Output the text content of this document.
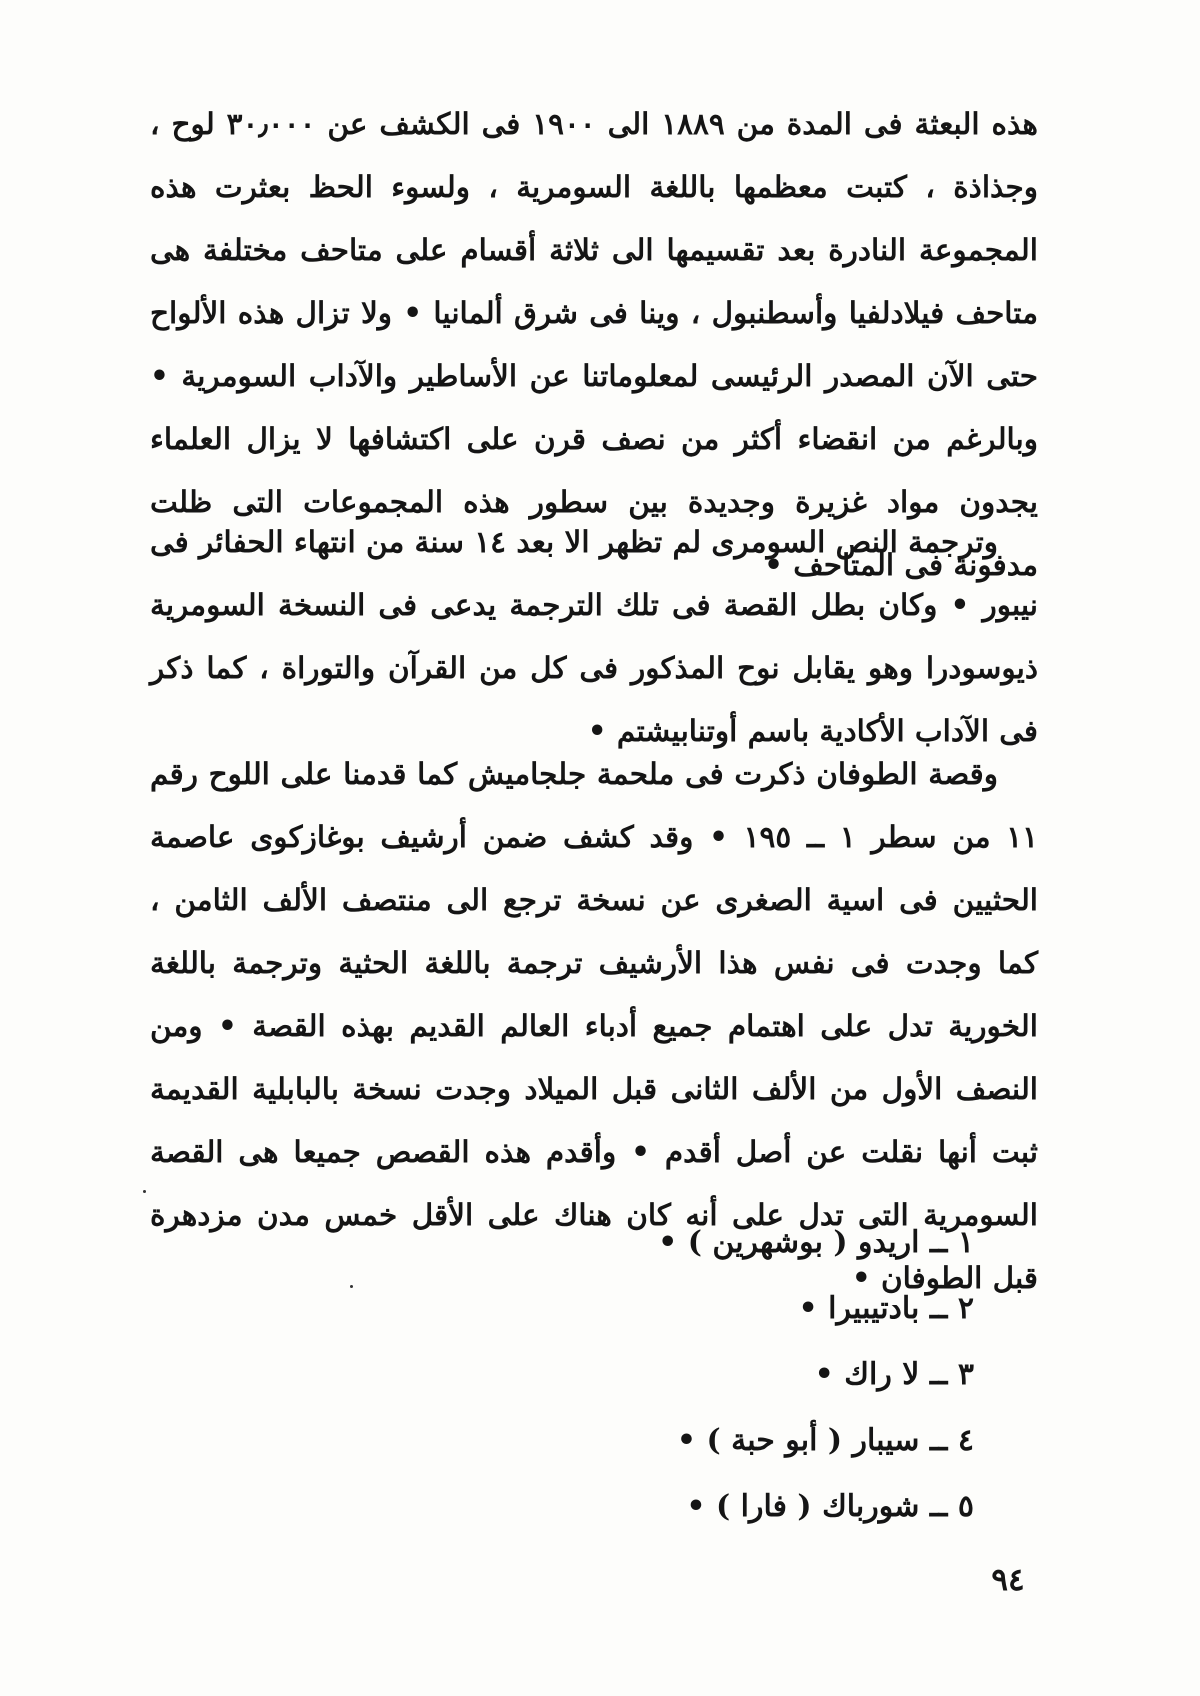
هذه البعثة فى المدة من ١٨٨٩ الى ١٩٠٠ فى الكشف عن ٣٠٫٠٠٠ لوح ، وجذاذة ، كتبت معظمها باللغة السومرية ، ولسوء الحظ بعثرت هذه المجموعة النادرة بعد تقسيمها الى ثلاثة أقسام على متاحف مختلفة هى متاحف فيلادلفيا وأسطنبول ، وينا فى شرق ألمانيا • ولا تزال هذه الألواح حتى الآن المصدر الرئيسى لمعلوماتنا عن الأساطير والآداب السومرية • وبالرغم من انقضاء أكثر من نصف قرن على اكتشافها لا يزال العلماء يجدون مواد غزيرة وجديدة بين سطور هذه المجموعات التى ظلت مدفونة فى المتاحف •

وترجمة النص السومرى لم تظهر الا بعد ١٤ سنة من انتهاء الحفائر فى نيبور • وكان بطل القصة فى تلك الترجمة يدعى فى النسخة السومرية ذيوسودرا وهو يقابل نوح المذكور فى كل من القرآن والتوراة ، كما ذكر فى الآداب الأكادية باسم أوتنابيشتم •

وقصة الطوفان ذكرت فى ملحمة جلجاميش كما قدمنا على اللوح رقم ١١ من سطر ١ ــ ١٩٥ • وقد كشف ضمن أرشيف بوغازكوى عاصمة الحثيين فى اسية الصغرى عن نسخة ترجع الى منتصف الألف الثامن ، كما وجدت فى نفس هذا الأرشيف ترجمة باللغة الحثية وترجمة باللغة الخورية تدل على اهتمام جميع أدباء العالم القديم بهذه القصة • ومن النصف الأول من الألف الثانى قبل الميلاد وجدت نسخة بالبابلية القديمة ثبت أنها نقلت عن أصل أقدم • وأقدم هذه القصص جميعا هى القصة السومرية التى تدل على أنه كان هناك على الأقل خمس مدن مزدهرة قبل الطوفان •

١ ــ اريدو ( بوشهرين ) •
٢ ــ بادتيبيرا •
٣ ــ لا راك •
٤ ــ سيبار ( أبو حبة ) •
٥ ــ شورباك ( فارا ) •
٩٤
